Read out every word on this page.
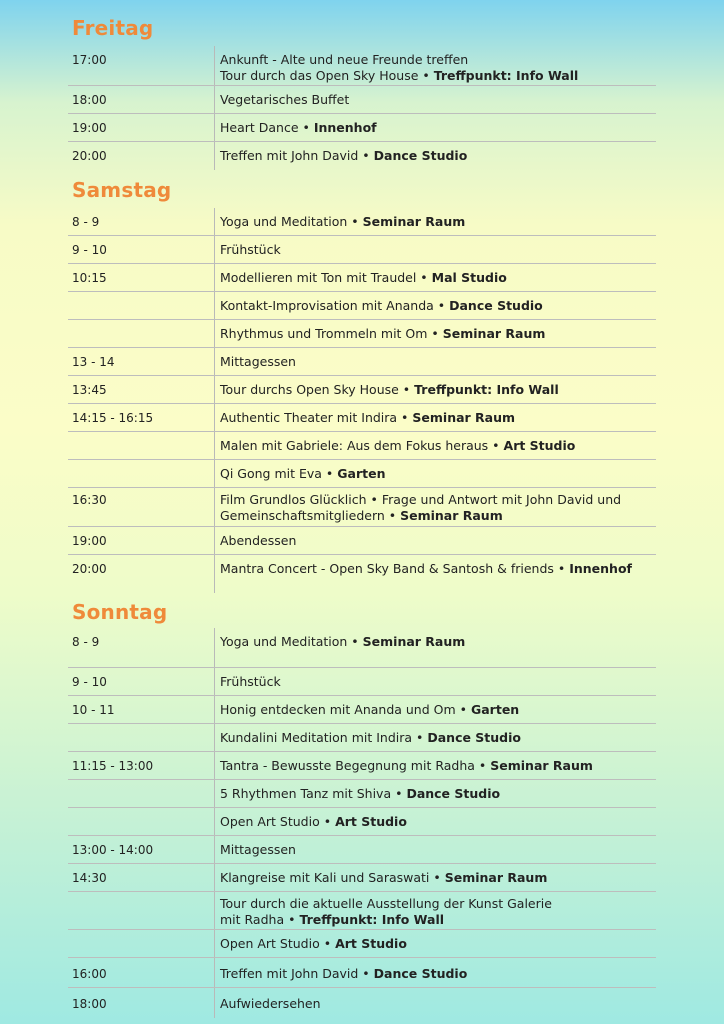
Freitag
Samstag
Sonntag
17:00	Ankunft - Alte und neue Freunde treffen
Tour durch das Open Sky House • Treffpunkt: Info Wall
18:00	Vegetarisches Buffet
19:00	Heart Dance • Innenhof
20:00	Treffen mit John David • Dance Studio
8 - 9	Yoga und Meditation • Seminar Raum
9 - 10	Frühstück
10:15	Modellieren mit Ton mit Traudel • Mal Studio
Kontakt-Improvisation mit Ananda • Dance Studio
Rhythmus und Trommeln mit Om • Seminar Raum
13 - 14	Mittagessen
13:45	Tour durchs Open Sky House • Treffpunkt: Info Wall
14:15 - 16:15	Authentic Theater mit Indira • Seminar Raum
Malen mit Gabriele: Aus dem Fokus heraus • Art Studio
Qi Gong mit Eva • Garten
16:30	Film Grundlos Glücklich • Frage und Antwort mit John David und
Gemeinschaftsmitgliedern • Seminar Raum
19:00	Abendessen
20:00	Mantra Concert - Open Sky Band & Santosh & friends • Innenhof
8 - 9	Yoga und Meditation • Seminar Raum
9 - 10	Frühstück
10 - 11	Honig entdecken mit Ananda und Om • Garten
Kundalini Meditation mit Indira • Dance Studio
11:15 - 13:00	Tantra - Bewusste Begegnung mit Radha • Seminar Raum
5 Rhythmen Tanz mit Shiva • Dance Studio
Open Art Studio • Art Studio
13:00 - 14:00	Mittagessen
14:30	Klangreise mit Kali und Saraswati • Seminar Raum
Tour durch die aktuelle Ausstellung der Kunst Galerie
mit Radha • Treffpunkt: Info Wall
Open Art Studio • Art Studio
16:00	Treffen mit John David • Dance Studio
18:00	Aufwiedersehen
